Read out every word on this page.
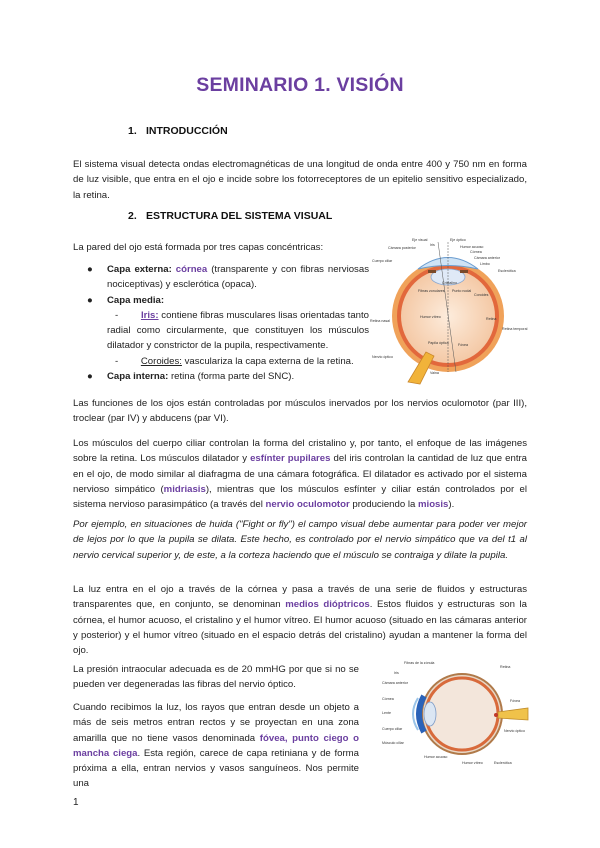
SEMINARIO 1. VISIÓN
1. INTRODUCCIÓN

El sistema visual detecta ondas electromagnéticas de una longitud de onda entre 400 y 750 nm en forma de luz visible, que entra en el ojo e incide sobre los fotorreceptores de un epitelio sensitivo especializado, la retina.

2. ESTRUCTURA DEL SISTEMA VISUAL

La pared del ojo está formada por tres capas concéntricas:

● Capa externa: córnea (transparente y con fibras nerviosas nociceptivas) y esclerótica (opaca).
● Capa media:
- Iris: contiene fibras musculares lisas orientadas tanto radial como circularmente, que constituyen los músculos dilatador y constrictor de la pupila, respectivamente.
- Coroides: vasculariza la capa externa de la retina.
● Capa interna: retina (forma parte del SNC).
Eje visual	Eje óptico
Humor acuoso
Córnea
Iris
Cámara posterior
Cámara anterior
Cuerpo ciliar
Limbo
Esclerótica
Cristalino
Fibras zonulares Punto nodal
Coroides
Humor vítreo	Retina
Retina nasal
Retina temporal
Papila óptica	Fóvea
Nervio óptico
Vaina

Las funciones de los ojos están controladas por músculos inervados por los nervios oculomotor (par III), troclear (par IV) y abducens (par VI).

Los músculos del cuerpo ciliar controlan la forma del cristalino y, por tanto, el enfoque de las imágenes sobre la retina. Los músculos dilatador y esfínter pupilares del iris controlan la cantidad de luz que entra en el ojo, de modo similar al diafragma de una cámara fotográfica. El dilatador es activado por el sistema nervioso simpático (midriasis), mientras que los músculos esfínter y ciliar están controlados por el sistema nervioso parasimpático (a través del nervio oculomotor produciendo la miosis).

Por ejemplo, en situaciones de huida ("Fight or fly") el campo visual debe aumentar para poder ver mejor de lejos por lo que la pupila se dilata. Este hecho, es controlado por el nervio simpático que va del t1 al nervio cervical superior y, de este, a la corteza haciendo que el músculo se contraiga y dilate la pupila.

La luz entra en el ojo a través de la córnea y pasa a través de una serie de fluidos y estructuras transparentes que, en conjunto, se denominan medios dióptricos. Estos fluidos y estructuras son la córnea, el humor acuoso, el cristalino y el humor vítreo. El humor acuoso (situado en las cámaras anterior y posterior) y el humor vítreo (situado en el espacio detrás del cristalino) ayudan a mantener la forma del ojo.

La presión intraocular adecuada es de 20 mmHG por que si no se pueden ver degeneradas las fibras del nervio óptico.

Cuando recibimos la luz, los rayos que entran desde un objeto a más de seis metros entran rectos y se proyectan en una zona amarilla que no tiene vasos denominada fóvea, punto ciego o mancha ciega. Esta región, carece de capa retiniana y de forma próxima a ella, entran nervios y vasos sanguíneos. Nos permite una

Fibras de la zónula
Iris
Cámara anterior
Córnea
Lente
Cuerpo ciliar
Músculo ciliar
Humor acuoso
Retina
Fóvea
Nervio óptico
Humor vítreo	Esclerótica
1
